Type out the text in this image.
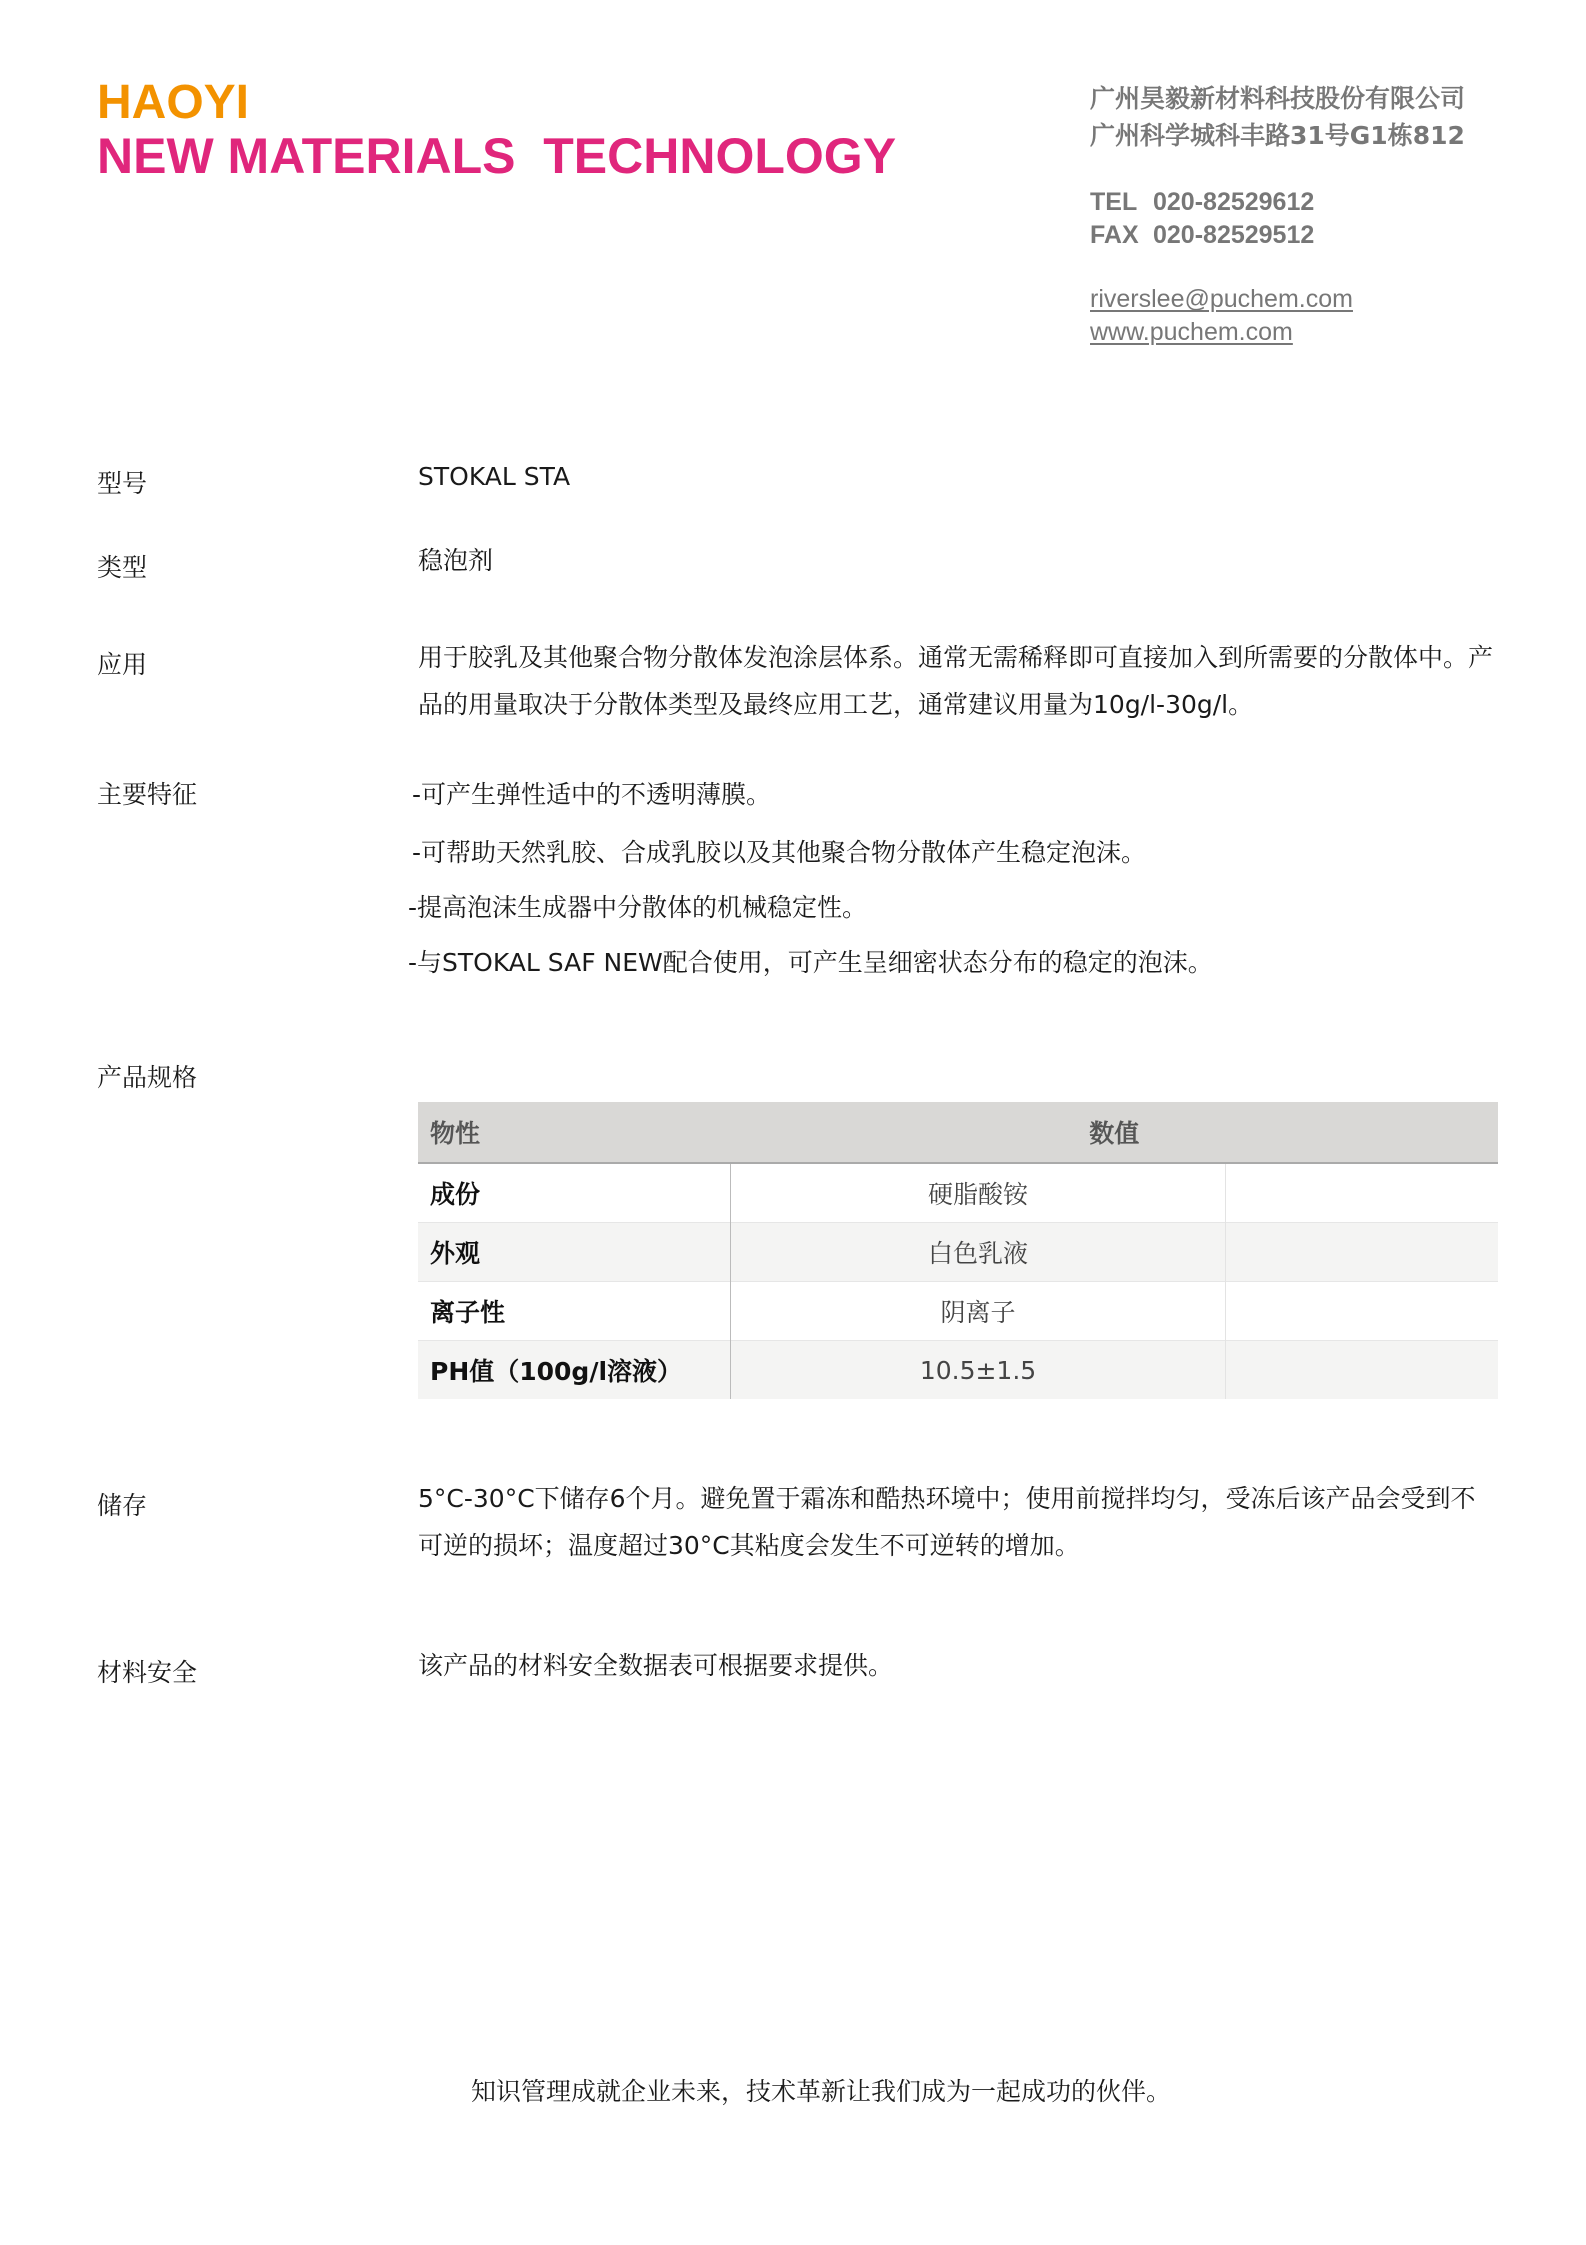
HAOYI
NEW MATERIALS  TECHNOLOGY
广州昊毅新材料科技股份有限公司
广州科学城科丰路31号G1栋812
TEL 020-82529612
FAX 020-82529512
riverslee@puchem.com
www.puchem.com
型号	STOKAL STA
类型	稳泡剂
应用	用于胶乳及其他聚合物分散体发泡涂层体系。通常无需稀释即可直接加入到所需要的分散体中。产品的用量取决于分散体类型及最终应用工艺，通常建议用量为10g/l-30g/l。
主要特征	-可产生弹性适中的不透明薄膜。
-可帮助天然乳胶、合成乳胶以及其他聚合物分散体产生稳定泡沫。
-提高泡沫生成器中分散体的机械稳定性。
-与STOKAL SAF NEW配合使用，可产生呈细密状态分布的稳定的泡沫。
产品规格
物性	数值	
成份	硬脂酸铵	
外观	白色乳液	
离子性	阴离子	
PH值（100g/l溶液）	10.5±1.5	
储存	5°C-30°C下储存6个月。避免置于霜冻和酷热环境中；使用前搅拌均匀，受冻后该产品会受到不可逆的损坏；温度超过30°C其粘度会发生不可逆转的增加。
材料安全	该产品的材料安全数据表可根据要求提供。
知识管理成就企业未来，技术革新让我们成为一起成功的伙伴。
